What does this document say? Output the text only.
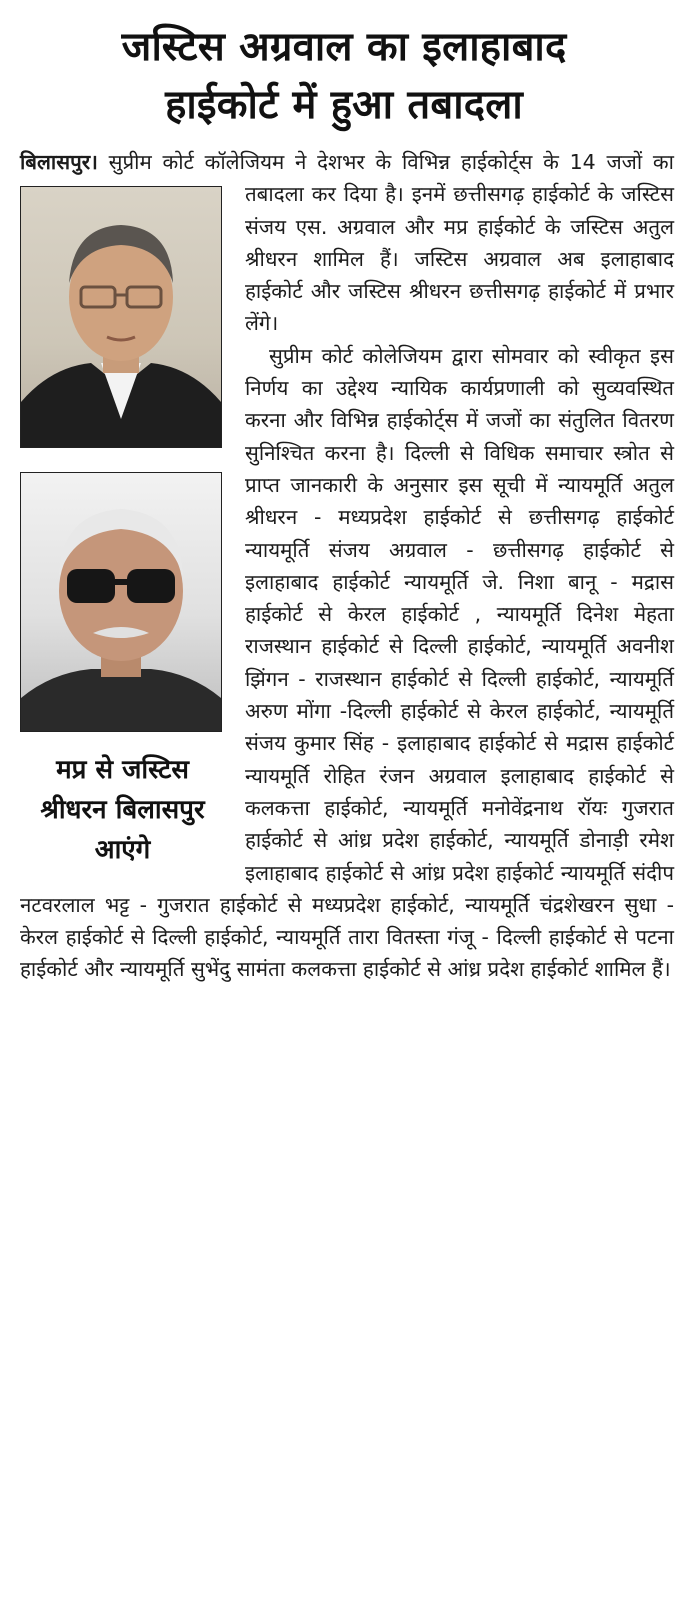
जस्टिस अग्रवाल का इलाहाबाद
हाईकोर्ट में हुआ तबादला

बिलासपुर। सुप्रीम कोर्ट कॉलेजियम ने देशभर के विभिन्न हाईकोर्ट्स के 14 जजों का तबादला कर दिया है। इनमें
मप्र से जस्टिस श्रीधरन बिलासपुर आएंगे
छत्तीसगढ़ हाईकोर्ट के जस्टिस संजय एस. अग्रवाल और मप्र हाईकोर्ट के जस्टिस अतुल श्रीधरन शामिल हैं। जस्टिस अग्रवाल अब इलाहाबाद हाईकोर्ट और जस्टिस श्रीधरन छत्तीसगढ़ हाईकोर्ट में प्रभार लेंगे।

सुप्रीम कोर्ट कोलेजियम द्वारा सोमवार को स्वीकृत इस निर्णय का उद्देश्य न्यायिक कार्यप्रणाली को सुव्यवस्थित करना और विभिन्न हाईकोर्ट्स में जजों का संतुलित वितरण सुनिश्चित करना है। दिल्ली से विधिक समाचार स्त्रोत से प्राप्त जानकारी के अनुसार इस सूची में न्यायमूर्ति अतुल श्रीधरन - मध्यप्रदेश हाईकोर्ट से छत्तीसगढ़ हाईकोर्ट न्यायमूर्ति संजय अग्रवाल - छत्तीसगढ़ हाईकोर्ट से इलाहाबाद हाईकोर्ट न्यायमूर्ति जे. निशा बानू - मद्रास हाईकोर्ट से केरल हाईकोर्ट , न्यायमूर्ति दिनेश मेहता राजस्थान हाईकोर्ट से दिल्ली हाईकोर्ट, न्यायमूर्ति अवनीश झिंगन - राजस्थान हाईकोर्ट से दिल्ली हाईकोर्ट, न्यायमूर्ति अरुण मोंगा -दिल्ली हाईकोर्ट से केरल हाईकोर्ट, न्यायमूर्ति संजय कुमार सिंह - इलाहाबाद हाईकोर्ट से मद्रास हाईकोर्ट न्यायमूर्ति रोहित रंजन अग्रवाल इलाहाबाद हाईकोर्ट से कलकत्ता हाईकोर्ट, न्यायमूर्ति मनोवेंद्रनाथ रॉयः गुजरात हाईकोर्ट से आंध्र प्रदेश हाईकोर्ट, न्यायमूर्ति डोनाड़ी रमेश इलाहाबाद हाईकोर्ट से आंध्र प्रदेश हाईकोर्ट न्यायमूर्ति संदीप नटवरलाल भट्ट - गुजरात हाईकोर्ट से मध्यप्रदेश हाईकोर्ट, न्यायमूर्ति चंद्रशेखरन सुधा - केरल हाईकोर्ट से दिल्ली हाईकोर्ट, न्यायमूर्ति तारा वितस्ता गंजू - दिल्ली हाईकोर्ट से पटना हाईकोर्ट और न्यायमूर्ति सुभेंदु सामंता कलकत्ता हाईकोर्ट से आंध्र प्रदेश हाईकोर्ट शामिल हैं।
